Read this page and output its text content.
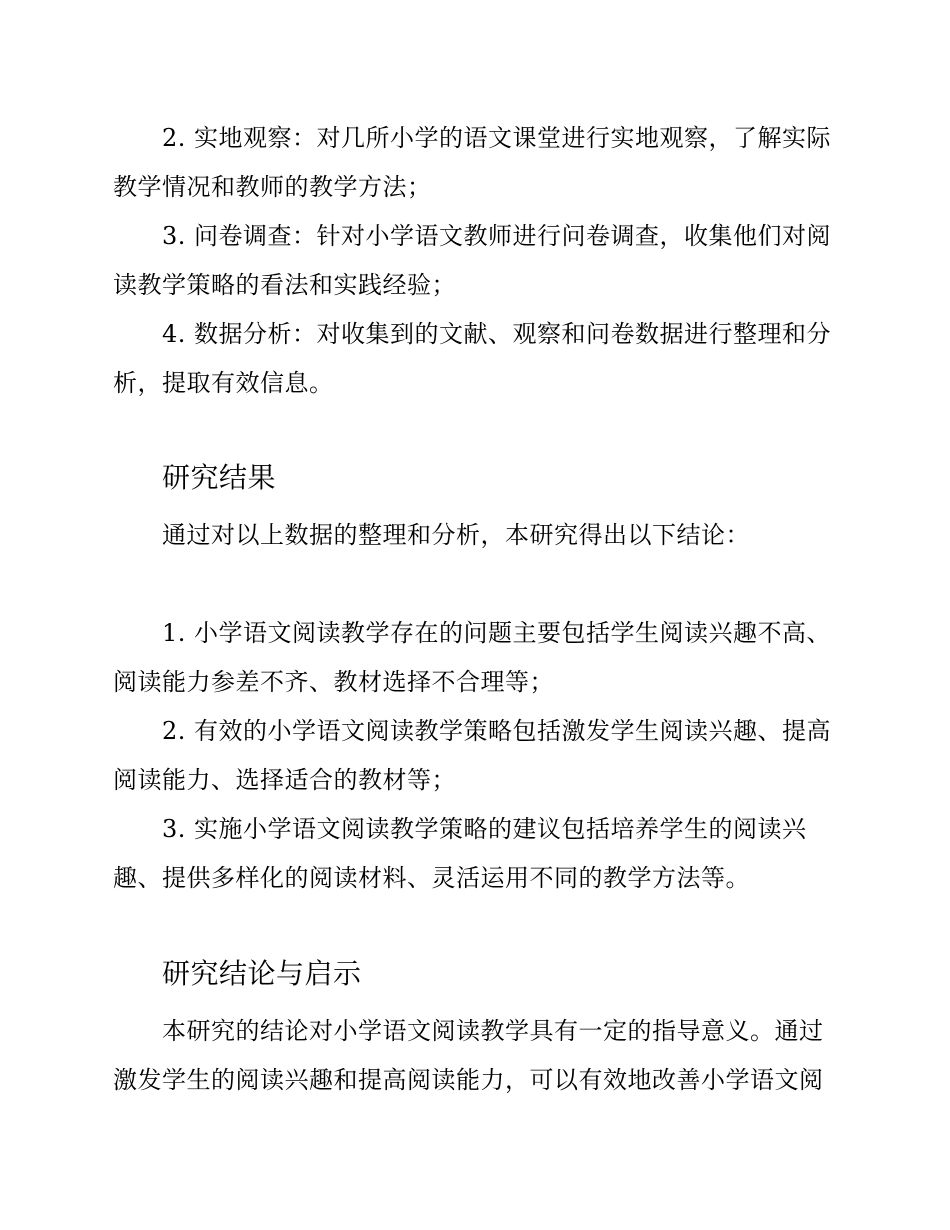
2. 实地观察：对几所小学的语文课堂进行实地观察，了解实际教学情况和教师的教学方法；

3. 问卷调查：针对小学语文教师进行问卷调查，收集他们对阅读教学策略的看法和实践经验；

4. 数据分析：对收集到的文献、观察和问卷数据进行整理和分析，提取有效信息。

研究结果

通过对以上数据的整理和分析，本研究得出以下结论：

1. 小学语文阅读教学存在的问题主要包括学生阅读兴趣不高、阅读能力参差不齐、教材选择不合理等；

2. 有效的小学语文阅读教学策略包括激发学生阅读兴趣、提高阅读能力、选择适合的教材等；

3. 实施小学语文阅读教学策略的建议包括培养学生的阅读兴趣、提供多样化的阅读材料、灵活运用不同的教学方法等。

研究结论与启示

本研究的结论对小学语文阅读教学具有一定的指导意义。通过激发学生的阅读兴趣和提高阅读能力，可以有效地改善小学语文阅
